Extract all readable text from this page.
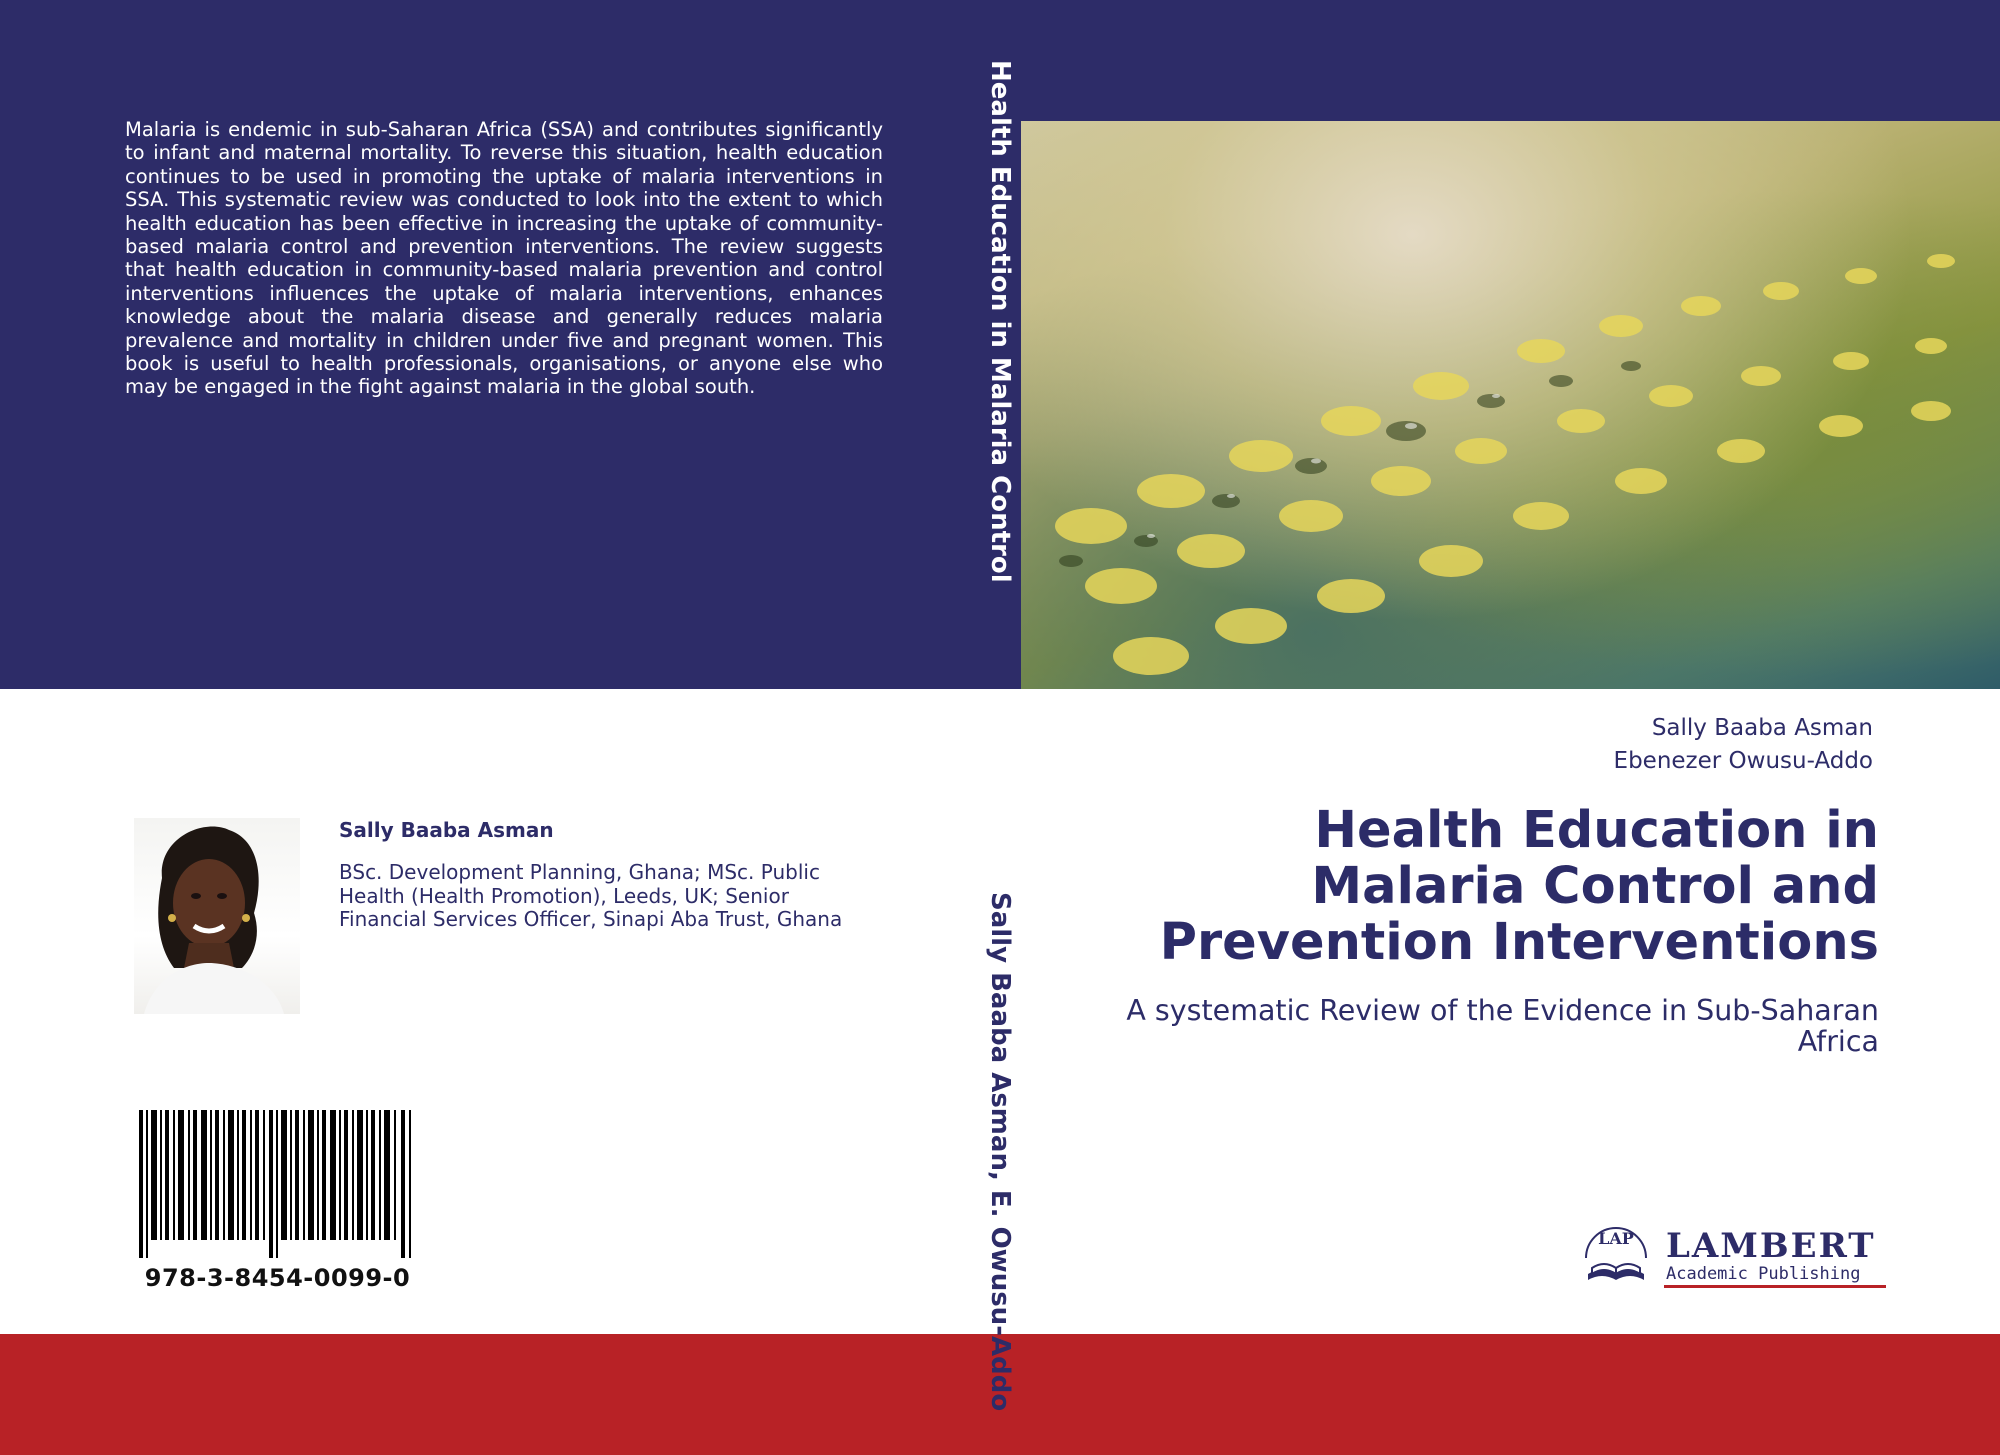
Malaria is endemic in sub-Saharan Africa (SSA) and contributes significantly to infant and maternal mortality. To reverse this situation, health education continues to be used in promoting the uptake of malaria interventions in SSA. This systematic review was conducted to look into the extent to which health education has been effective in increasing the uptake of community-based malaria control and prevention interventions. The review suggests that health education in community-based malaria prevention and control interventions influences the uptake of malaria interventions, enhances knowledge about the malaria disease and generally reduces malaria prevalence and mortality in children under five and pregnant women. This book is useful to health professionals, organisations, or anyone else who may be engaged in the fight against malaria in the global south.	Health Education in Malaria Control
Sally Baaba Asman
Ebenezer Owusu-Addo
Health Education in Malaria Control and Prevention Interventions

A systematic Review of the Evidence in Sub-Saharan Africa

Sally Baaba Asman

BSc. Development Planning, Ghana; MSc. Public Health (Health Promotion), Leeds, UK; Senior Financial Services Officer, Sinapi Aba Trust, Ghana

978-3-8454-0099-0	Sally Baaba Asman, E. Owusu-Addo	LAP LAMBERT
Academic Publishing
